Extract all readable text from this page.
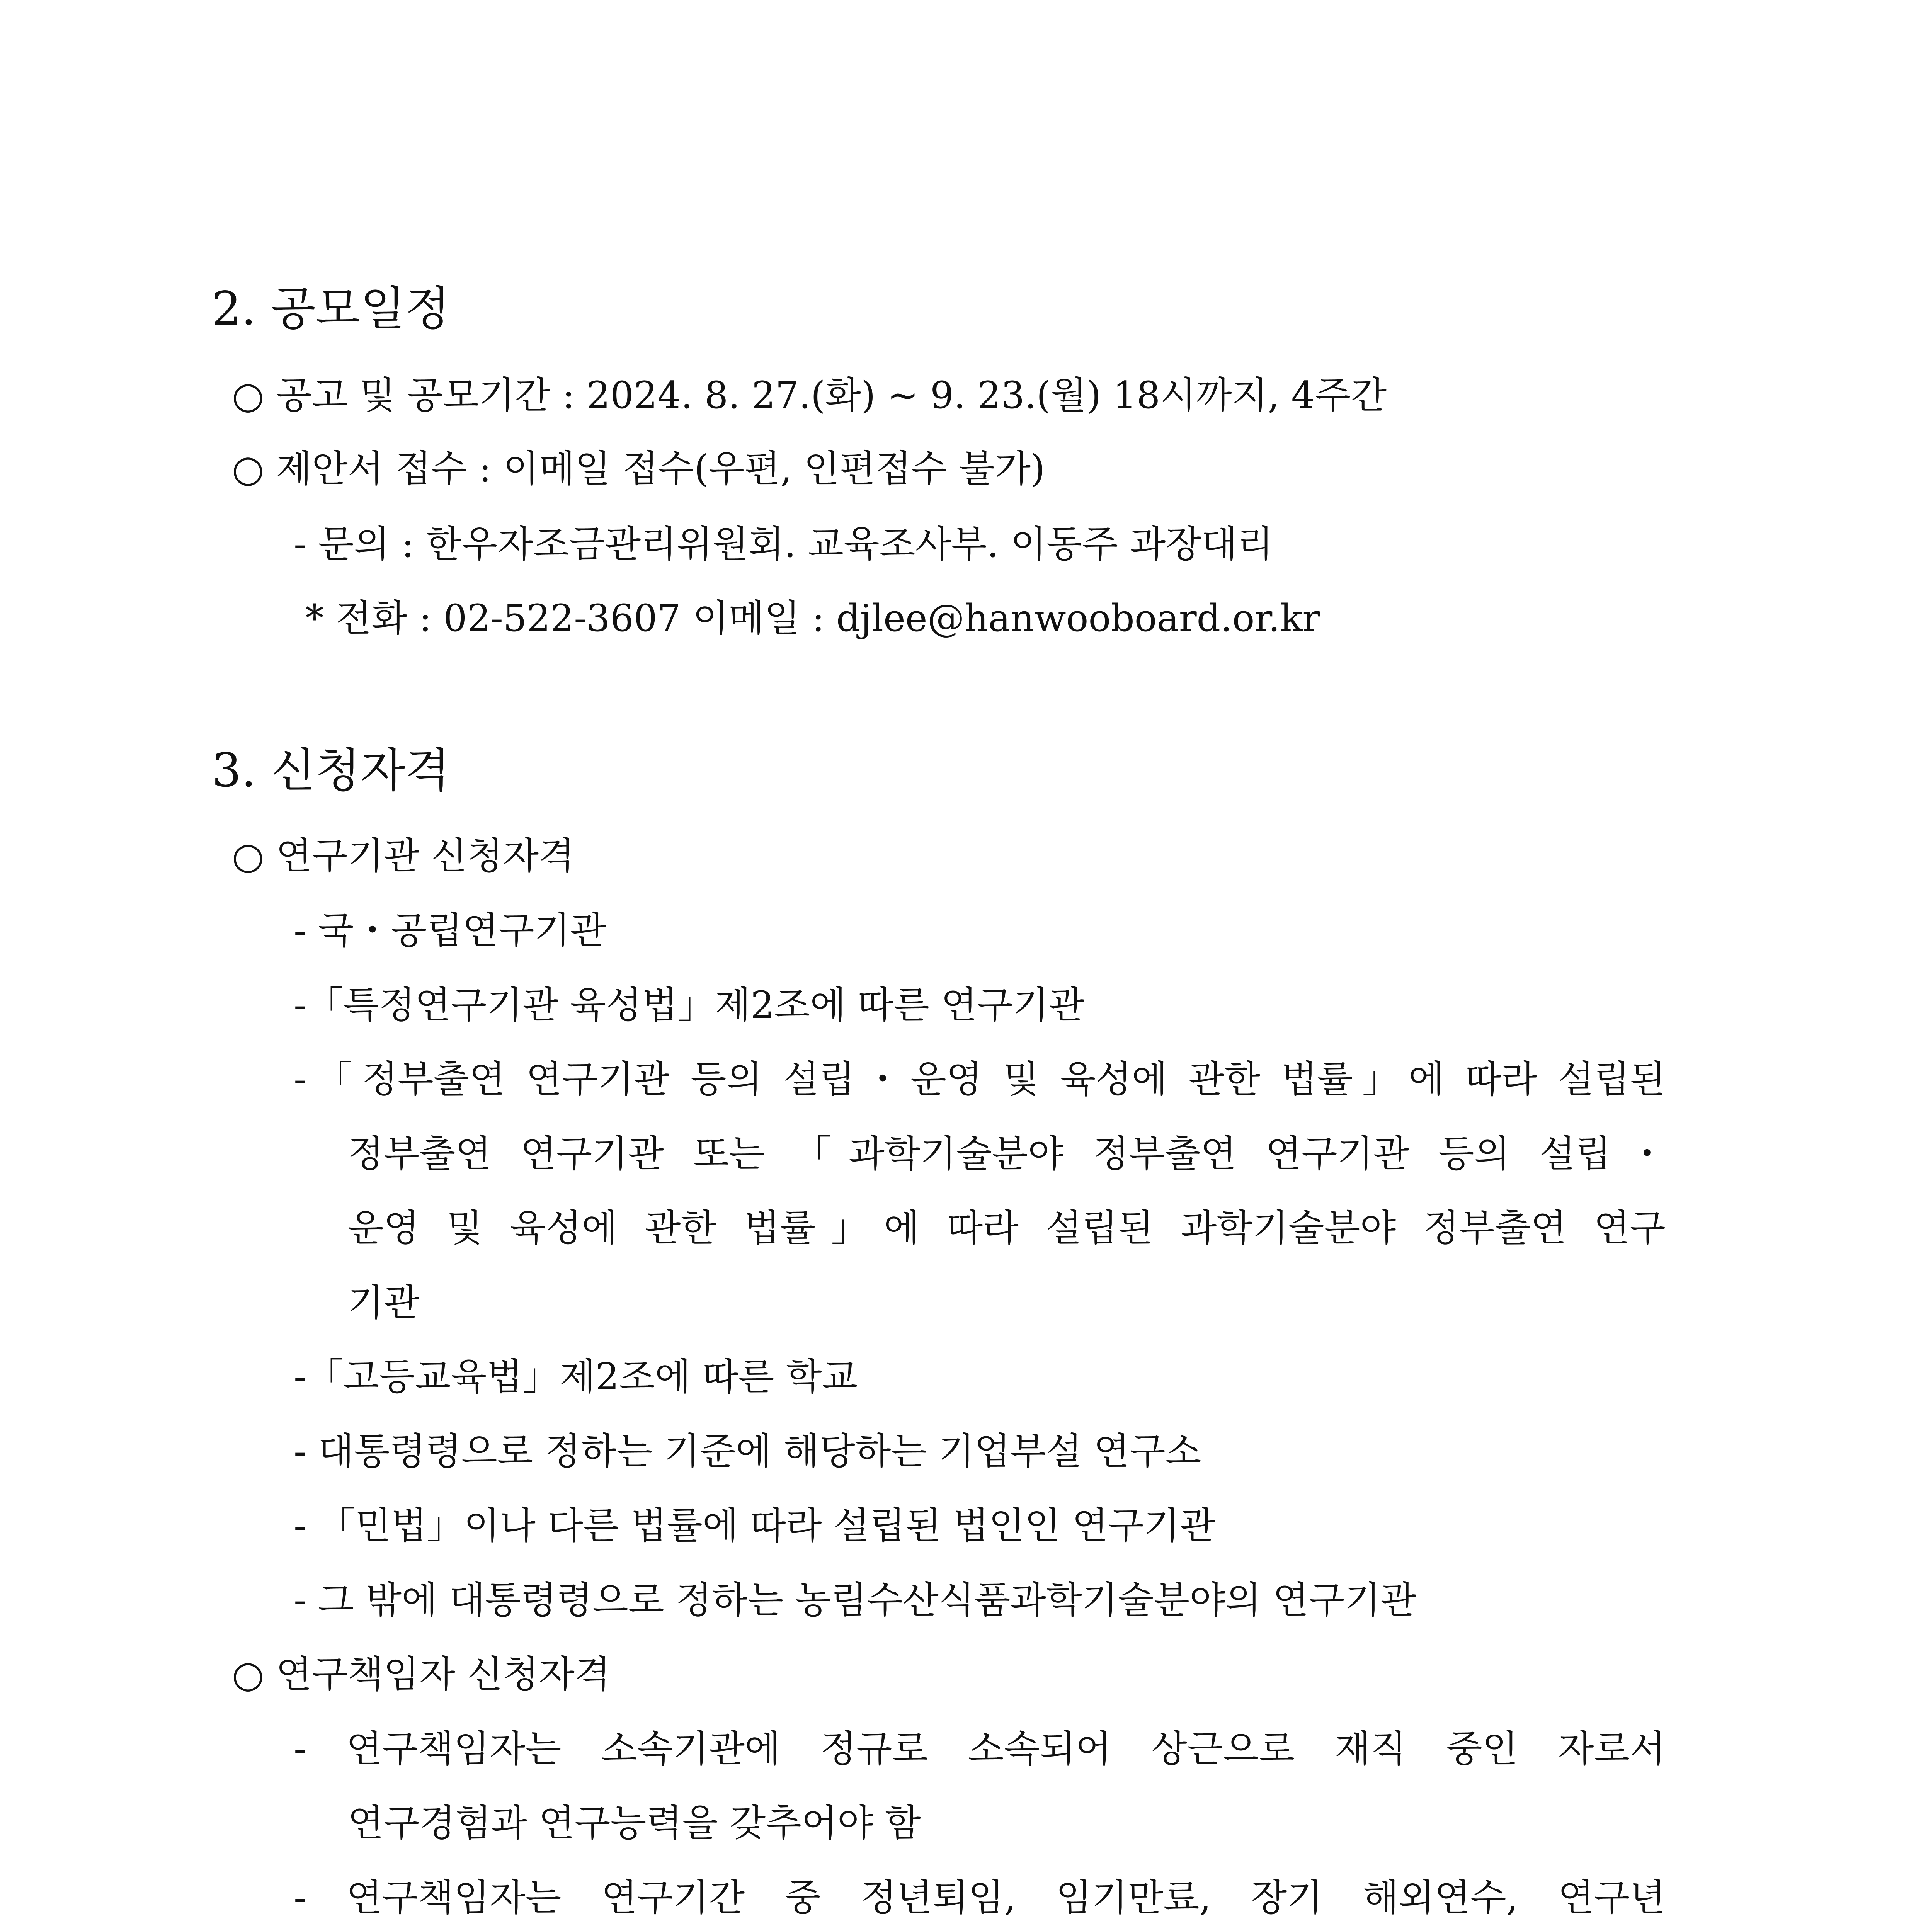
2. 공모일정

○ 공고 및 공모기간 : 2024. 8. 27.(화) ~ 9. 23.(월) 18시까지, 4주간

○ 제안서 접수 : 이메일 접수(우편, 인편접수 불가)

- 문의 : 한우자조금관리위원회. 교육조사부. 이동주 과장대리

* 전화 : 02-522-3607 이메일 : djlee@hanwooboard.or.kr

3. 신청자격

○ 연구기관 신청자격

- 국・공립연구기관

-「특정연구기관 육성법」제2조에 따른 연구기관

-「정부출연 연구기관 등의 설립・운영 및 육성에 관한 법률」에 따라 설립된

정부출연 연구기관 또는 「과학기술분야 정부출연 연구기관 등의 설립・

운영 및 육성에 관한 법률」에 따라 설립된 과학기술분야 정부출연 연구

기관

-「고등교육법」제2조에 따른 학교

- 대통령령으로 정하는 기준에 해당하는 기업부설 연구소

- 「민법」이나 다른 법률에 따라 설립된 법인인 연구기관

- 그 밖에 대통령령으로 정하는 농림수산식품과학기술분야의 연구기관

○ 연구책임자 신청자격

- 연구책임자는 소속기관에 정규로 소속되어 상근으로 재직 중인 자로서

연구경험과 연구능력을 갖추어야 함

- 연구책임자는 연구기간 중 정년퇴임, 임기만료, 장기 해외연수, 연구년
